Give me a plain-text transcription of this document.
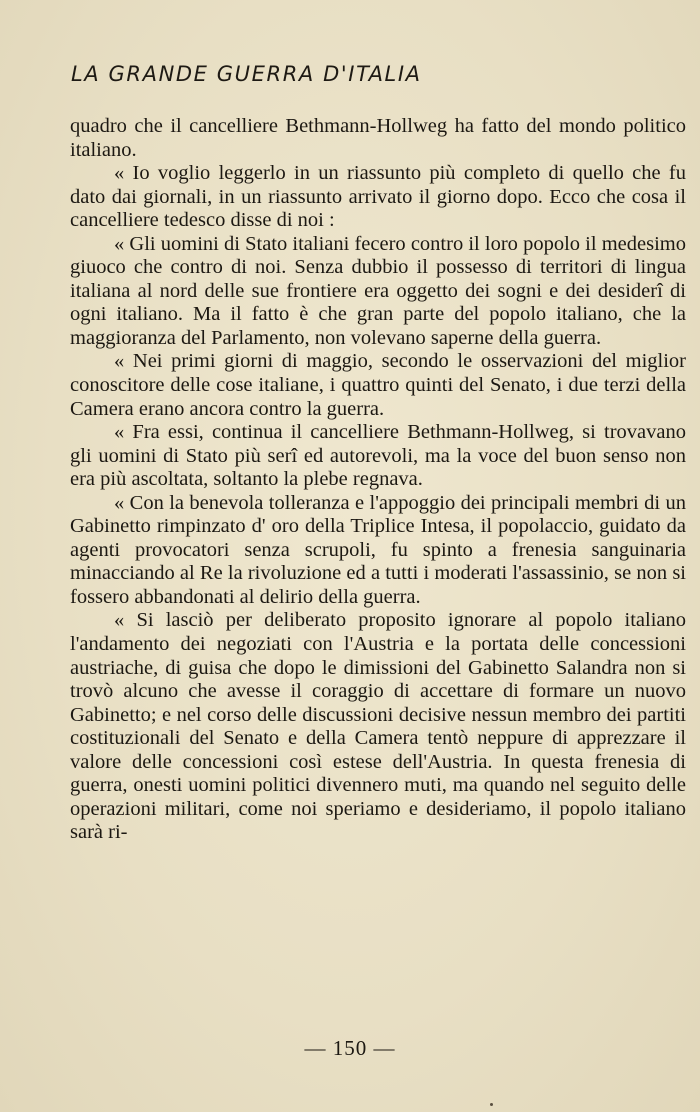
LA GRANDE GUERRA D'ITALIA

quadro che il cancelliere Bethmann-Hollweg ha fatto del mondo politico italiano.

« Io voglio leggerlo in un riassunto più completo di quello che fu dato dai giornali, in un riassunto arrivato il giorno dopo. Ecco che cosa il cancelliere tedesco disse di noi :

« Gli uomini di Stato italiani fecero contro il loro popolo il medesimo giuoco che contro di noi. Senza dubbio il possesso di territori di lingua italiana al nord delle sue frontiere era oggetto dei sogni e dei desiderî di ogni italiano. Ma il fatto è che gran parte del popolo italiano, che la maggioranza del Parlamento, non volevano saperne della guerra.

« Nei primi giorni di maggio, secondo le osservazioni del miglior conoscitore delle cose italiane, i quattro quinti del Senato, i due terzi della Camera erano ancora contro la guerra.

« Fra essi, continua il cancelliere Bethmann-Hollweg, si trovavano gli uomini di Stato più serî ed autorevoli, ma la voce del buon senso non era più ascoltata, soltanto la plebe regnava.

« Con la benevola tolleranza e l'appoggio dei principali membri di un Gabinetto rimpinzato d' oro della Triplice Intesa, il popolaccio, guidato da agenti provocatori senza scrupoli, fu spinto a frenesia sanguinaria minacciando al Re la rivoluzione ed a tutti i moderati l'assassinio, se non si fossero abbandonati al delirio della guerra.

« Si lasciò per deliberato proposito ignorare al popolo italiano l'andamento dei negoziati con l'Austria e la portata delle concessioni austriache, di guisa che dopo le dimissioni del Gabinetto Salandra non si trovò alcuno che avesse il coraggio di accettare di formare un nuovo Gabinetto; e nel corso delle discussioni decisive nessun membro dei partiti costituzionali del Senato e della Camera tentò neppure di apprezzare il valore delle concessioni così estese dell'Austria. In questa frenesia di guerra, onesti uomini politici divennero muti, ma quando nel seguito delle operazioni militari, come noi speriamo e desideriamo, il popolo italiano sarà ri-

— 150 —
